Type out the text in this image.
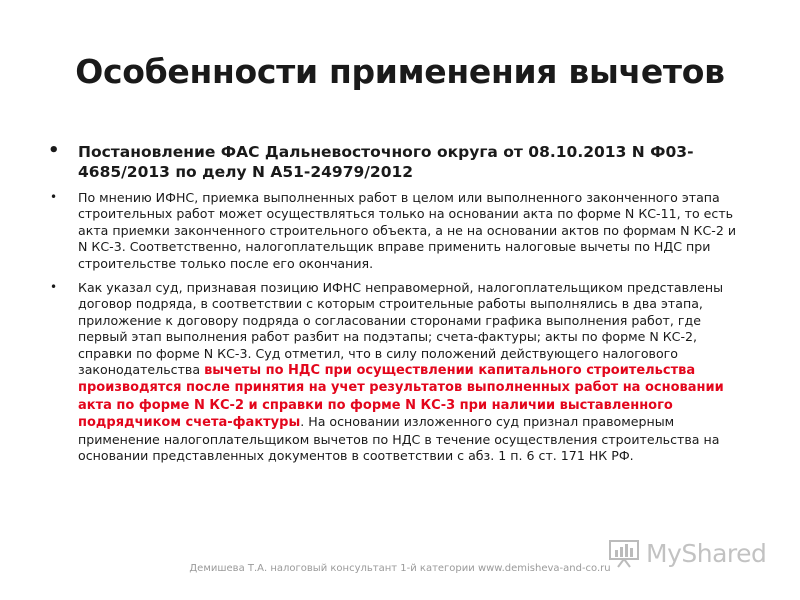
Особенности применения вычетов
• Постановление ФАС Дальневосточного округа от 08.10.2013 N Ф03-4685/2013 по делу N А51-24979/2012
• По мнению ИФНС, приемка выполненных работ в целом или выполненного законченного этапа строительных работ может осуществляться только на основании акта по форме N КС-11, то есть акта приемки законченного строительного объекта, а не на основании актов по формам N КС-2 и N КС-3. Соответственно, налогоплательщик вправе применить налоговые вычеты по НДС при строительстве только после его окончания.
• Как указал суд, признавая позицию ИФНС неправомерной, налогоплательщиком представлены договор подряда, в соответствии с которым строительные работы выполнялись в два этапа, приложение к договору подряда о согласовании сторонами графика выполнения работ, где первый этап выполнения работ разбит на подэтапы; счета-фактуры; акты по форме N КС-2, справки по форме N КС-3. Суд отметил, что в силу положений действующего налогового законодательства вычеты по НДС при осуществлении капитального строительства производятся после принятия на учет результатов выполненных работ на основании акта по форме N КС-2 и справки по форме N КС-3 при наличии выставленного подрядчиком счета-фактуры. На основании изложенного суд признал правомерным применение налогоплательщиком вычетов по НДС в течение осуществления строительства на основании представленных документов в соответствии с абз. 1 п. 6 ст. 171 НК РФ.
Демишева Т.А. налоговый консультант 1-й категории www.demisheva-and-co.ru
MyShared
